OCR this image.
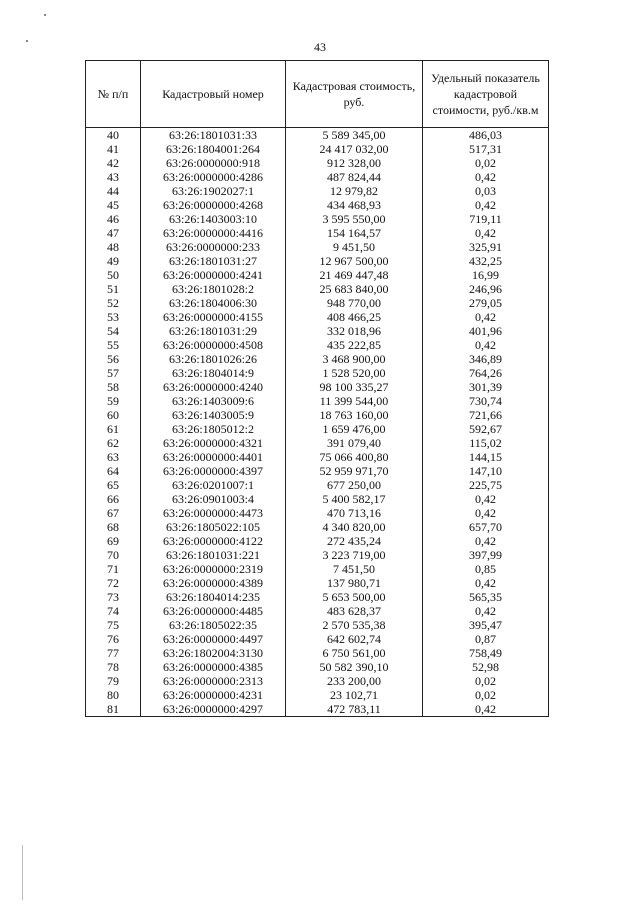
43
№ п/п	Кадастровый номер	Кадастровая стоимость, руб.	Удельный показатель кадастровой стоимости, руб./кв.м
40	63:26:1801031:33	5 589 345,00	486,03
41	63:26:1804001:264	24 417 032,00	517,31
42	63:26:0000000:918	912 328,00	0,02
43	63:26:0000000:4286	487 824,44	0,42
44	63:26:1902027:1	12 979,82	0,03
45	63:26:0000000:4268	434 468,93	0,42
46	63:26:1403003:10	3 595 550,00	719,11
47	63:26:0000000:4416	154 164,57	0,42
48	63:26:0000000:233	9 451,50	325,91
49	63:26:1801031:27	12 967 500,00	432,25
50	63:26:0000000:4241	21 469 447,48	16,99
51	63:26:1801028:2	25 683 840,00	246,96
52	63:26:1804006:30	948 770,00	279,05
53	63:26:0000000:4155	408 466,25	0,42
54	63:26:1801031:29	332 018,96	401,96
55	63:26:0000000:4508	435 222,85	0,42
56	63:26:1801026:26	3 468 900,00	346,89
57	63:26:1804014:9	1 528 520,00	764,26
58	63:26:0000000:4240	98 100 335,27	301,39
59	63:26:1403009:6	11 399 544,00	730,74
60	63:26:1403005:9	18 763 160,00	721,66
61	63:26:1805012:2	1 659 476,00	592,67
62	63:26:0000000:4321	391 079,40	115,02
63	63:26:0000000:4401	75 066 400,80	144,15
64	63:26:0000000:4397	52 959 971,70	147,10
65	63:26:0201007:1	677 250,00	225,75
66	63:26:0901003:4	5 400 582,17	0,42
67	63:26:0000000:4473	470 713,16	0,42
68	63:26:1805022:105	4 340 820,00	657,70
69	63:26:0000000:4122	272 435,24	0,42
70	63:26:1801031:221	3 223 719,00	397,99
71	63:26:0000000:2319	7 451,50	0,85
72	63:26:0000000:4389	137 980,71	0,42
73	63:26:1804014:235	5 653 500,00	565,35
74	63:26:0000000:4485	483 628,37	0,42
75	63:26:1805022:35	2 570 535,38	395,47
76	63:26:0000000:4497	642 602,74	0,87
77	63:26:1802004:3130	6 750 561,00	758,49
78	63:26:0000000:4385	50 582 390,10	52,98
79	63:26:0000000:2313	233 200,00	0,02
80	63:26:0000000:4231	23 102,71	0,02
81	63:26:0000000:4297	472 783,11	0,42
